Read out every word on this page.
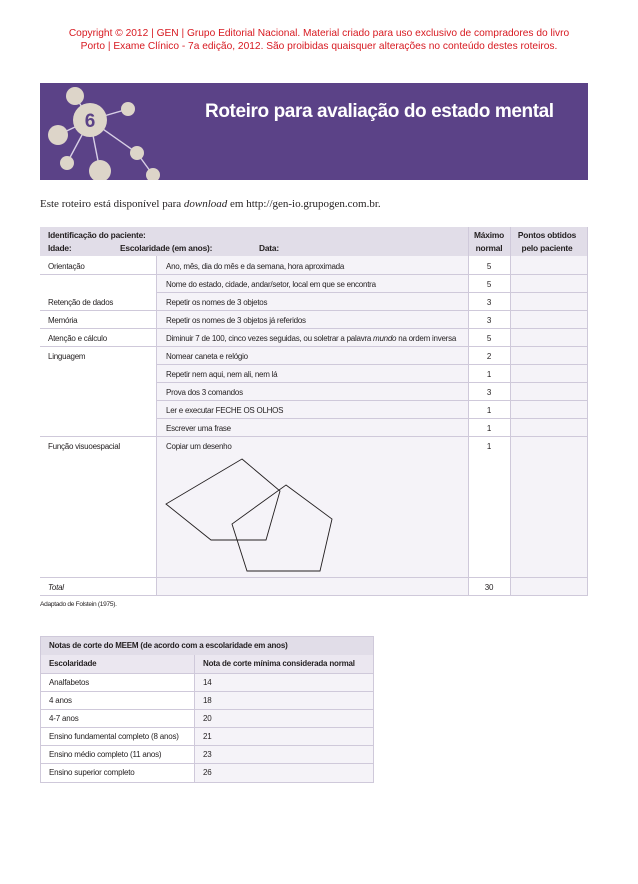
Copyright © 2012 | GEN | Grupo Editorial Nacional. Material criado para uso exclusivo de compradores do livro
Porto | Exame Clínico - 7a edição, 2012. São proibidas quaisquer alterações no conteúdo destes roteiros.
6	Roteiro para avaliação do estado mental
Este roteiro está disponível para download em http://gen-io.grupogen.com.br.
Identificação do paciente:
Idade:	Escolaridade (em anos):	Data:
Máximo
normal
Pontos obtidos
pelo paciente
Orientação	Ano, mês, dia do mês e da semana, hora aproximada	5
Nome do estado, cidade, andar/setor, local em que se encontra	5
Retenção de dados	Repetir os nomes de 3 objetos	3
Memória	Repetir os nomes de 3 objetos já referidos	3
Atenção e cálculo	Diminuir 7 de 100, cinco vezes seguidas, ou soletrar a palavra mundo na ordem inversa	5
Linguagem	Nomear caneta e relógio	2
Repetir nem aqui, nem ali, nem lá	1
Prova dos 3 comandos	3
Ler e executar FECHE OS OLHOS	1
Escrever uma frase	1
Função visuoespacial	Copiar um desenho	1
Total	30
Adaptado de Folstein (1975).
Notas de corte do MEEM (de acordo com a escolaridade em anos)
Escolaridade	Nota de corte mínima considerada normal
Analfabetos	14
4 anos	18
4-7 anos	20
Ensino fundamental completo (8 anos)	21
Ensino médio completo (11 anos)	23
Ensino superior completo	26
